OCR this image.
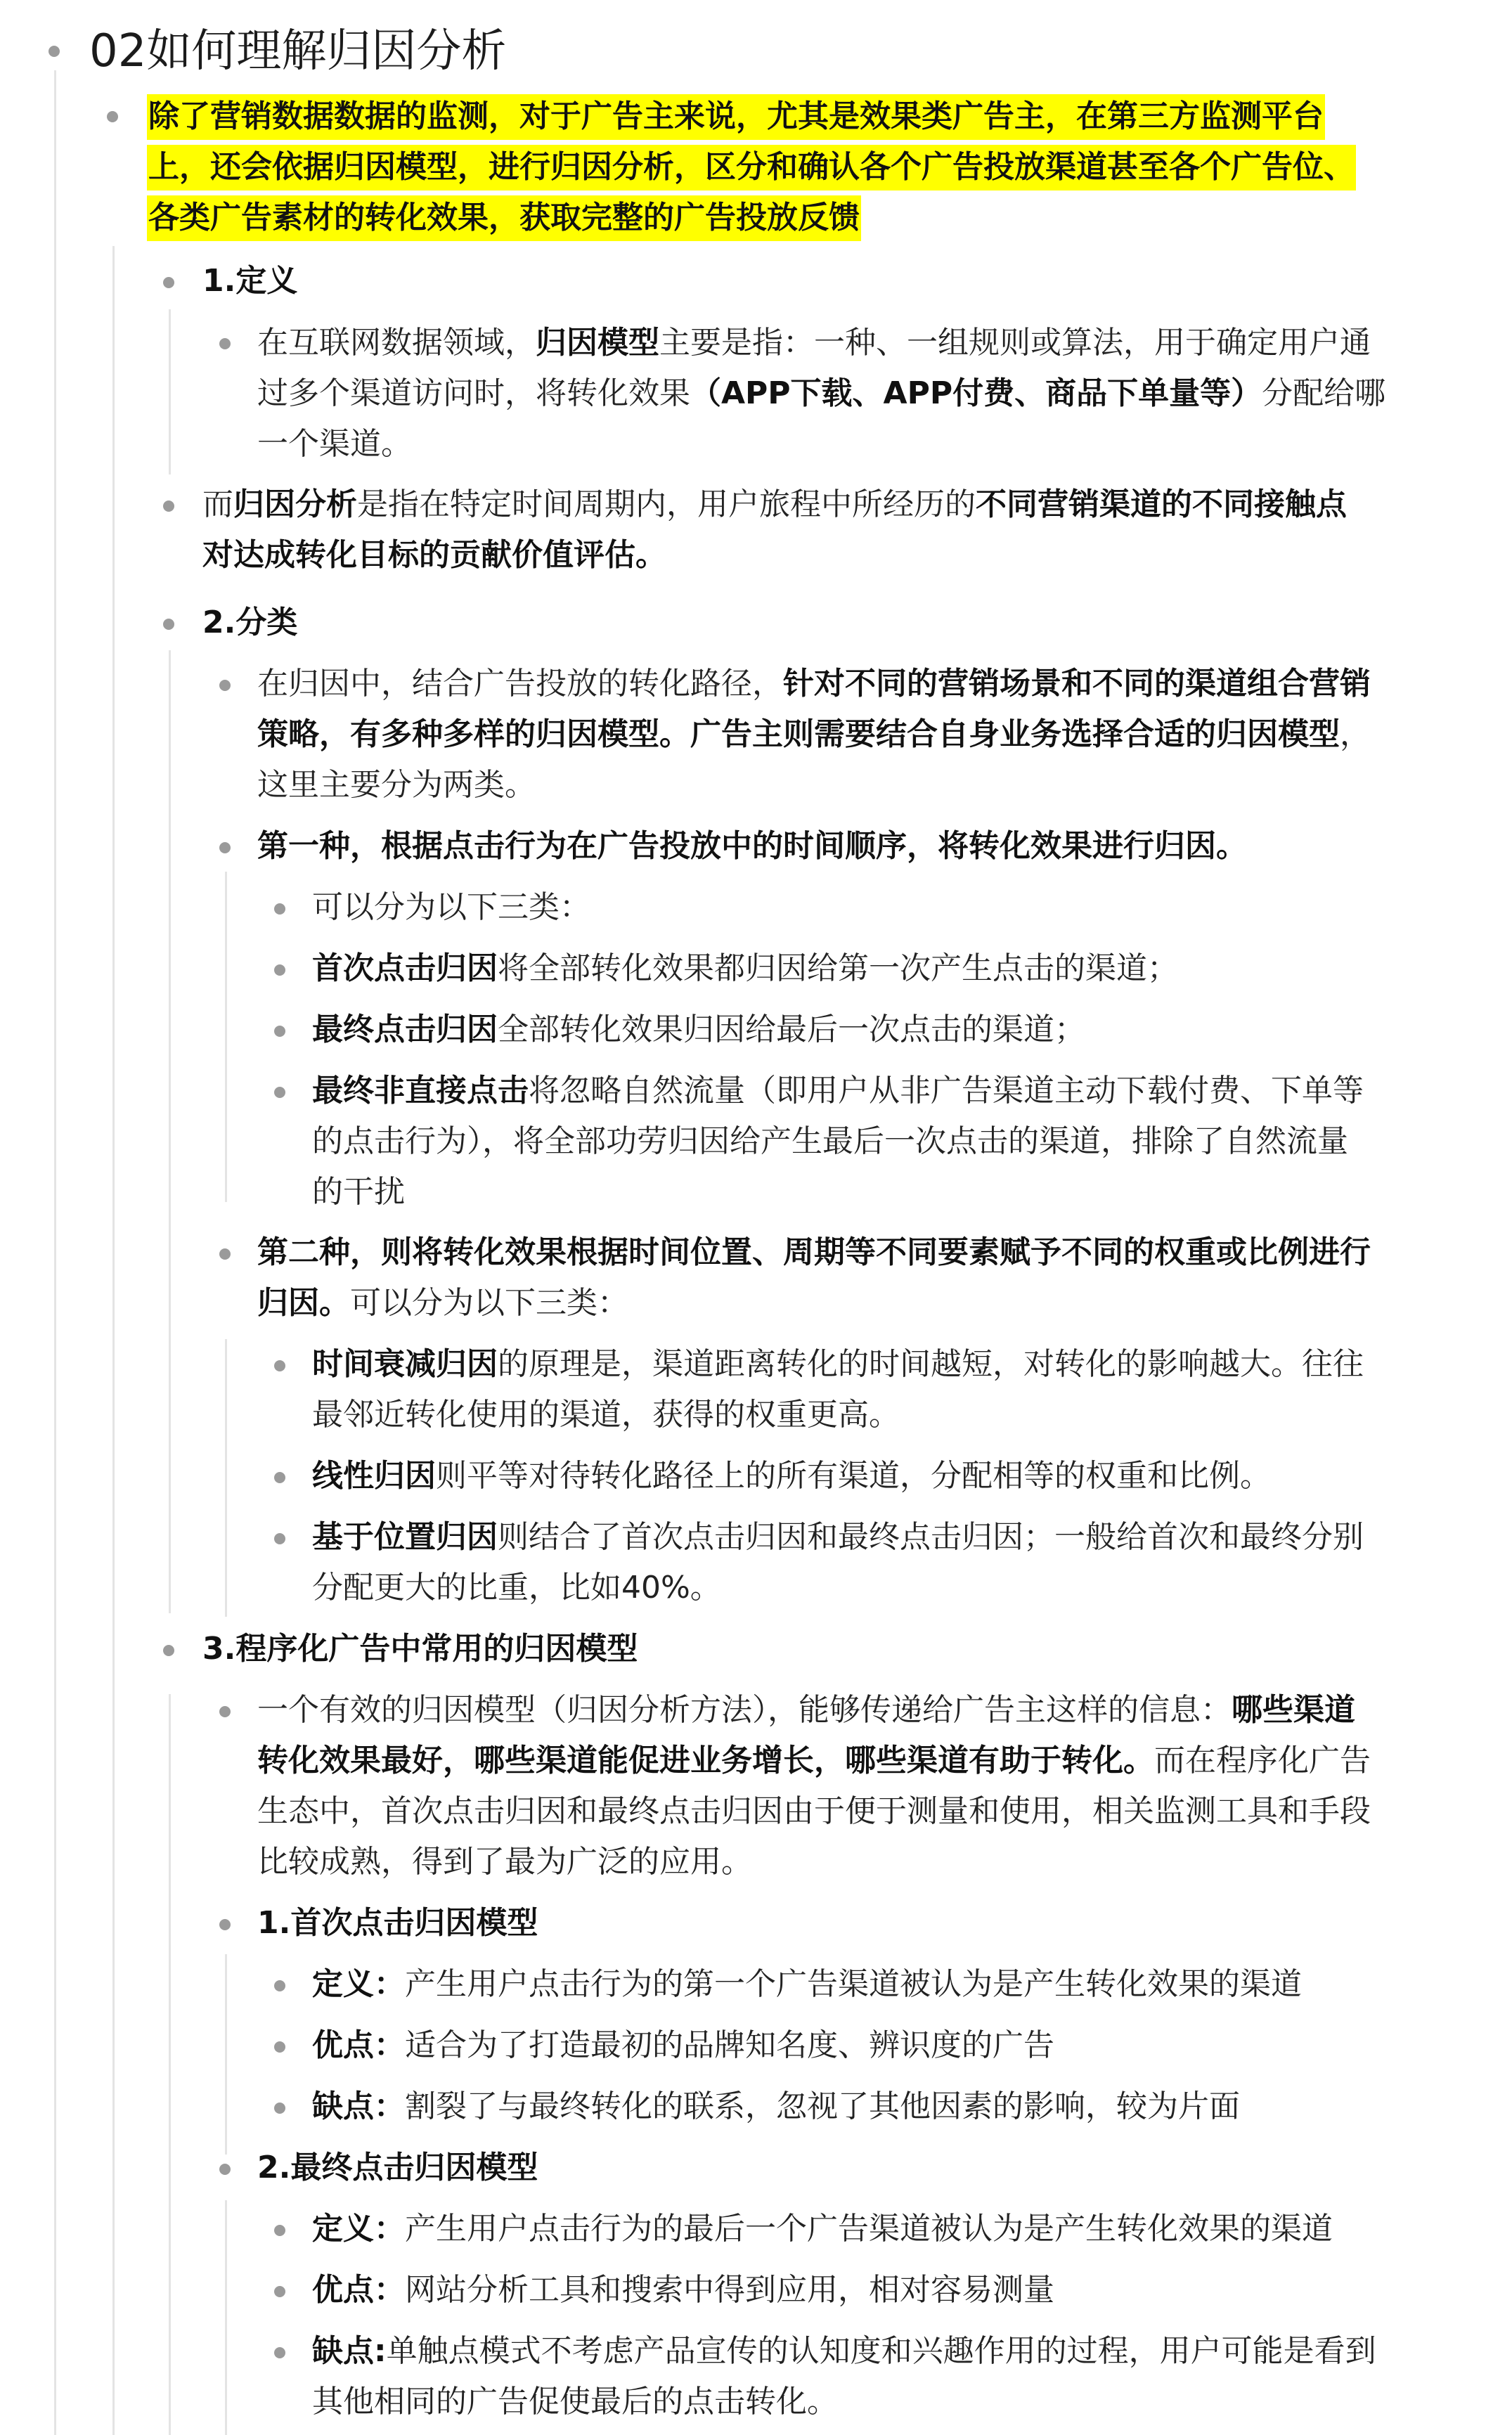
02如何理解归因分析
除了营销数据数据的监测，对于广告主来说，尤其是效果类广告主，在第三方监测平台
上，还会依据归因模型，进行归因分析，区分和确认各个广告投放渠道甚至各个广告位、
各类广告素材的转化效果，获取完整的广告投放反馈
1.定义
在互联网数据领域，归因模型主要是指：一种、一组规则或算法，用于确定用户通
过多个渠道访问时，将转化效果（APP下载、APP付费、商品下单量等）分配给哪
一个渠道。
而归因分析是指在特定时间周期内，用户旅程中所经历的不同营销渠道的不同接触点
对达成转化目标的贡献价值评估。
2.分类
在归因中，结合广告投放的转化路径，针对不同的营销场景和不同的渠道组合营销
策略，有多种多样的归因模型。广告主则需要结合自身业务选择合适的归因模型，
这里主要分为两类。
第一种，根据点击行为在广告投放中的时间顺序，将转化效果进行归因。
可以分为以下三类：
首次点击归因将全部转化效果都归因给第一次产生点击的渠道；
最终点击归因全部转化效果归因给最后一次点击的渠道；
最终非直接点击将忽略自然流量（即用户从非广告渠道主动下载付费、下单等
的点击行为），将全部功劳归因给产生最后一次点击的渠道，排除了自然流量
的干扰
第二种，则将转化效果根据时间位置、周期等不同要素赋予不同的权重或比例进行
归因。可以分为以下三类：
时间衰减归因的原理是，渠道距离转化的时间越短，对转化的影响越大。往往
最邻近转化使用的渠道，获得的权重更高。
线性归因则平等对待转化路径上的所有渠道，分配相等的权重和比例。
基于位置归因则结合了首次点击归因和最终点击归因；一般给首次和最终分别
分配更大的比重，比如40%。
3.程序化广告中常用的归因模型
一个有效的归因模型（归因分析方法），能够传递给广告主这样的信息：哪些渠道
转化效果最好，哪些渠道能促进业务增长，哪些渠道有助于转化。而在程序化广告
生态中，首次点击归因和最终点击归因由于便于测量和使用，相关监测工具和手段
比较成熟，得到了最为广泛的应用。
1.首次点击归因模型
定义：产生用户点击行为的第一个广告渠道被认为是产生转化效果的渠道
优点：适合为了打造最初的品牌知名度、辨识度的广告
缺点：割裂了与最终转化的联系，忽视了其他因素的影响，较为片面
2.最终点击归因模型
定义：产生用户点击行为的最后一个广告渠道被认为是产生转化效果的渠道
优点：网站分析工具和搜索中得到应用，相对容易测量
缺点:单触点模式不考虑产品宣传的认知度和兴趣作用的过程，用户可能是看到
其他相同的广告促使最后的点击转化。
